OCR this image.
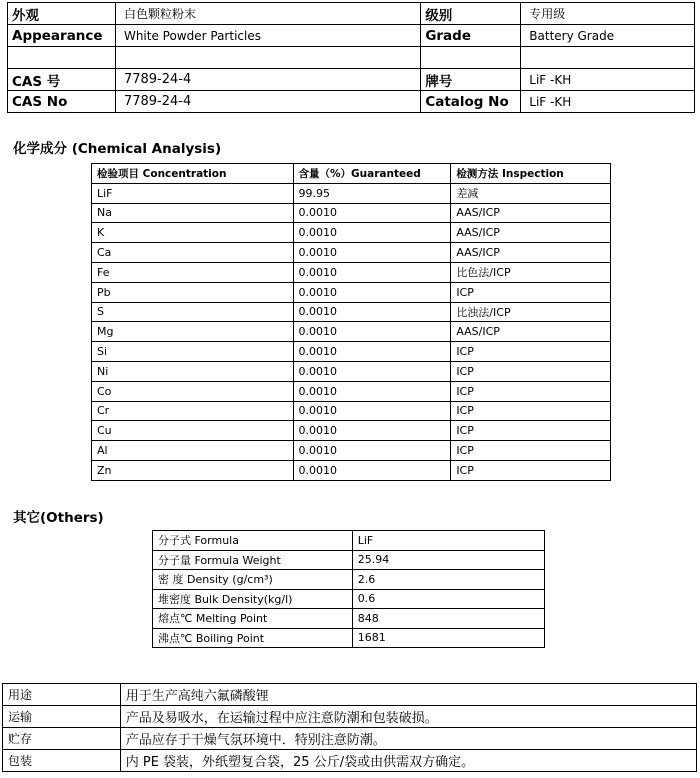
外观	白色颗粒粉末	级别	专用级
Appearance	White Powder Particles	Grade	Battery Grade

CAS 号	7789-24-4	牌号	LiF -KH
CAS No	7789-24-4	Catalog No	LiF -KH
化学成分 (Chemical Analysis)
检验项目 Concentration	含量（%）Guaranteed	检测方法 Inspection
LiF	99.95	差减
Na	0.0010	AAS/ICP
K	0.0010	AAS/ICP
Ca	0.0010	AAS/ICP
Fe	0.0010	比色法/ICP
Pb	0.0010	ICP
S	0.0010	比浊法/ICP
Mg	0.0010	AAS/ICP
Si	0.0010	ICP
Ni	0.0010	ICP
Co	0.0010	ICP
Cr	0.0010	ICP
Cu	0.0010	ICP
Al	0.0010	ICP
Zn	0.0010	ICP
其它(Others)
分子式 Formula	LiF
分子量 Formula Weight	25.94
密 度 Density (g/cm³)	2.6
堆密度 Bulk Density(kg/l)	0.6
熔点℃ Melting Point	848
沸点℃ Boiling Point	1681
用途	用于生产高纯六氟磷酸锂
运输	产品及易吸水，在运输过程中应注意防潮和包装破损。
贮存	产品应存于干燥气氛环境中．特别注意防潮。
包装	内 PE 袋装，外纸塑复合袋，25 公斤/袋或由供需双方确定。
